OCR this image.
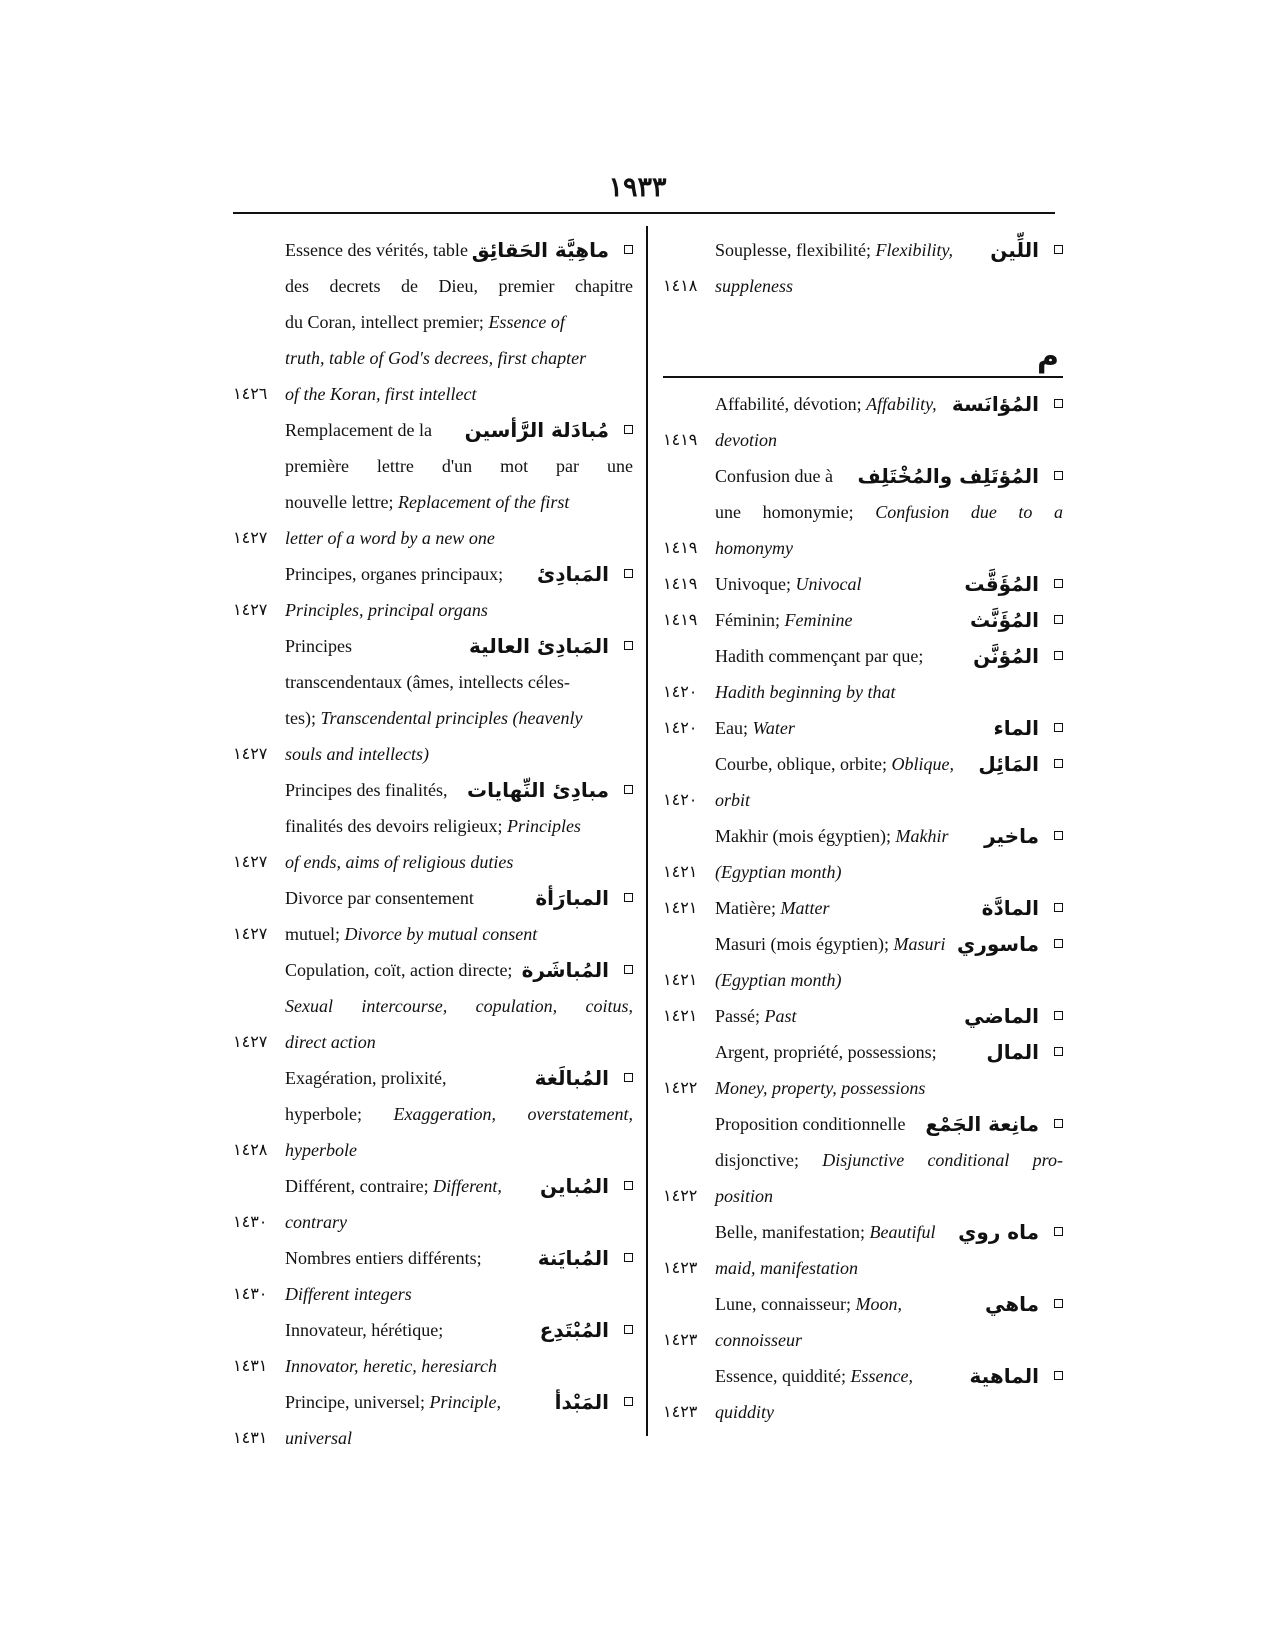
١٩٣٣
Essence des vérités, table ماهِيَّة الحَقائِق
des decrets de Dieu, premier chapitre
du Coran, intellect premier; Essence of
truth, table of God's decrees, first chapter
١٤٢٦ of the Koran, first intellect
Remplacement de la مُبادَلة الرَّأسين
première lettre d'un mot par une
nouvelle lettre; Replacement of the first
١٤٢٧ letter of a word by a new one
Principes, organes principaux; المَبادِئ
١٤٢٧ Principles, principal organs
Principes	المَبادِئ العالية
transcendentaux (âmes, intellects céles-
tes); Transcendental principles (heavenly
١٤٢٧ souls and intellects)
Principes des finalités, مبادِئ النِّهايات
finalités des devoirs religieux; Principles
١٤٢٧ of ends, aims of religious duties
Divorce par consentement	المبارَأة
١٤٢٧ mutuel; Divorce by mutual consent
Copulation, coït, action directe; المُباشَرة
Sexual intercourse, copulation, coitus,
١٤٢٧ direct action
Exagération, prolixité,	المُبالَغة
hyperbole; Exaggeration, overstatement,
١٤٢٨ hyperbole
Différent, contraire; Different, المُباين
١٤٣٠ contrary
Nombres entiers différents;	المُبايَنة
١٤٣٠ Different integers
Innovateur, hérétique;	المُبْتَدِع
١٤٣١ Innovator, heretic, heresiarch
Principe, universel; Principle,	المَبْدأ
١٤٣١ universal
Souplesse, flexibilité; Flexibility, اللِّين
١٤١٨ suppleness
م
Affabilité, dévotion; Affability, المُؤانَسة
١٤١٩ devotion
Confusion due à المُؤتَلِف والمُخْتَلِف
une homonymie; Confusion due to a
١٤١٩ homonymy
١٤١٩ Univoque; Univocal	المُؤَقَّت
١٤١٩ Féminin; Feminine	المُؤَنَّث
Hadith commençant par que; المُؤنَّن
١٤٢٠ Hadith beginning by that
١٤٢٠ Eau; Water	الماء
Courbe, oblique, orbite; Oblique, المَائِل
١٤٢٠ orbit
Makhir (mois égyptien); Makhir ماخير
١٤٢١ (Egyptian month)
١٤٢١ Matière; Matter	المادَّة
Masuri (mois égyptien); Masuri ماسوري
١٤٢١ (Egyptian month)
١٤٢١ Passé; Past	الماضي
Argent, propriété, possessions; المال
١٤٢٢ Money, property, possessions
Proposition conditionnelle مانِعة الجَمْع
disjonctive; Disjunctive conditional pro-
١٤٢٢ position
Belle, manifestation; Beautiful ماه روي
١٤٢٣ maid, manifestation
Lune, connaisseur; Moon,	ماهي
١٤٢٣ connoisseur
Essence, quiddité; Essence,	الماهية
١٤٢٣ quiddity
